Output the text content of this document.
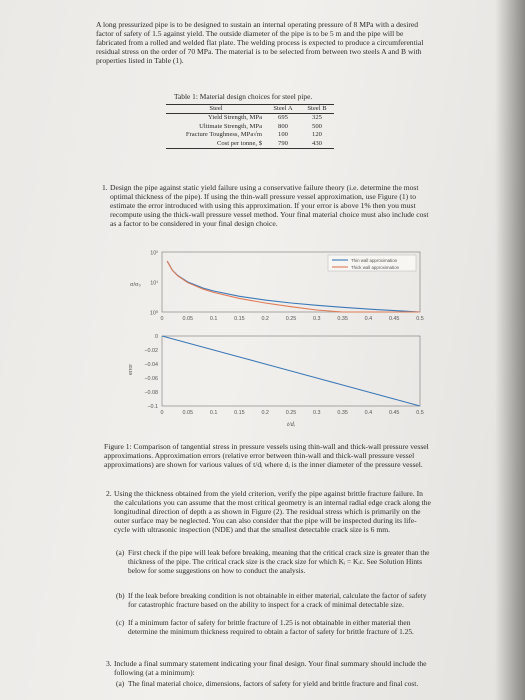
A long pressurized pipe is to be designed to sustain an internal operating pressure of 8 MPa with a desired factor of safety of 1.5 against yield. The outside diameter of the pipe is to be 5 m and the pipe will be fabricated from a rolled and welded flat plate. The welding process is expected to produce a circumferential residual stress on the order of 70 MPa. The material is to be selected from between two steels A and B with properties listed in Table (1).

Table 1: Material design choices for steel pipe.
Steel	Steel A	Steel B
Yield Strength, MPa	695	325
Ultimate Strength, MPa	800	500
Fracture Toughness, MPa√m	100	120
Cost per tonne, $	790	430
1. Design the pipe against static yield failure using a conservative failure theory (i.e. determine the most optimal thickness of the pipe). If using the thin-wall pressure vessel approximation, use Figure (1) to estimate the error introduced with using this approximation. If your error is above 1% then you must recompute using the thick-wall pressure vessel method. Your final material choice must also include cost as a factor to be considered in your final design choice.
10²
10¹
10⁰
0	0.05	0.1	0.15	0.2	0.25	0.3	0.35	0.4	0.45	0.5
σ/σ₀
Thin wall approximation
Thick wall approximation
0
−0.02
−0.04
−0.06
−0.08
−0.1
0	0.05	0.1	0.15	0.2	0.25	0.3	0.35	0.4	0.45	0.5
error
t/dᵢ

Figure 1: Comparison of tangential stress in pressure vessels using thin-wall and thick-wall pressure vessel approximations. Approximation errors (relative error between thin-wall and thick-wall pressure vessel approximations) are shown for various values of t/dᵢ where dᵢ is the inner diameter of the pressure vessel.

2. Using the thickness obtained from the yield criterion, verify the pipe against brittle fracture failure. In the calculations you can assume that the most critical geometry is an internal radial edge crack along the longitudinal direction of depth a as shown in Figure (2). The residual stress which is primarily on the outer surface may be neglected. You can also consider that the pipe will be inspected during its life-cycle with ultrasonic inspection (NDE) and that the smallest detectable crack size is 6 mm.
(a) First check if the pipe will leak before breaking, meaning that the critical crack size is greater than the thickness of the pipe. The critical crack size is the crack size for which Kᵢ = Kᵢc. See Solution Hints below for some suggestions on how to conduct the analysis.
(b) If the leak before breaking condition is not obtainable in either material, calculate the factor of safety for catastrophic fracture based on the ability to inspect for a crack of minimal detectable size.
(c) If a minimum factor of safety for brittle fracture of 1.25 is not obtainable in either material then determine the minimum thickness required to obtain a factor of safety for brittle fracture of 1.25.
3. Include a final summary statement indicating your final design. Your final summary should include the following (at a minimum):
(a) The final material choice, dimensions, factors of safety for yield and brittle fracture and final cost.
